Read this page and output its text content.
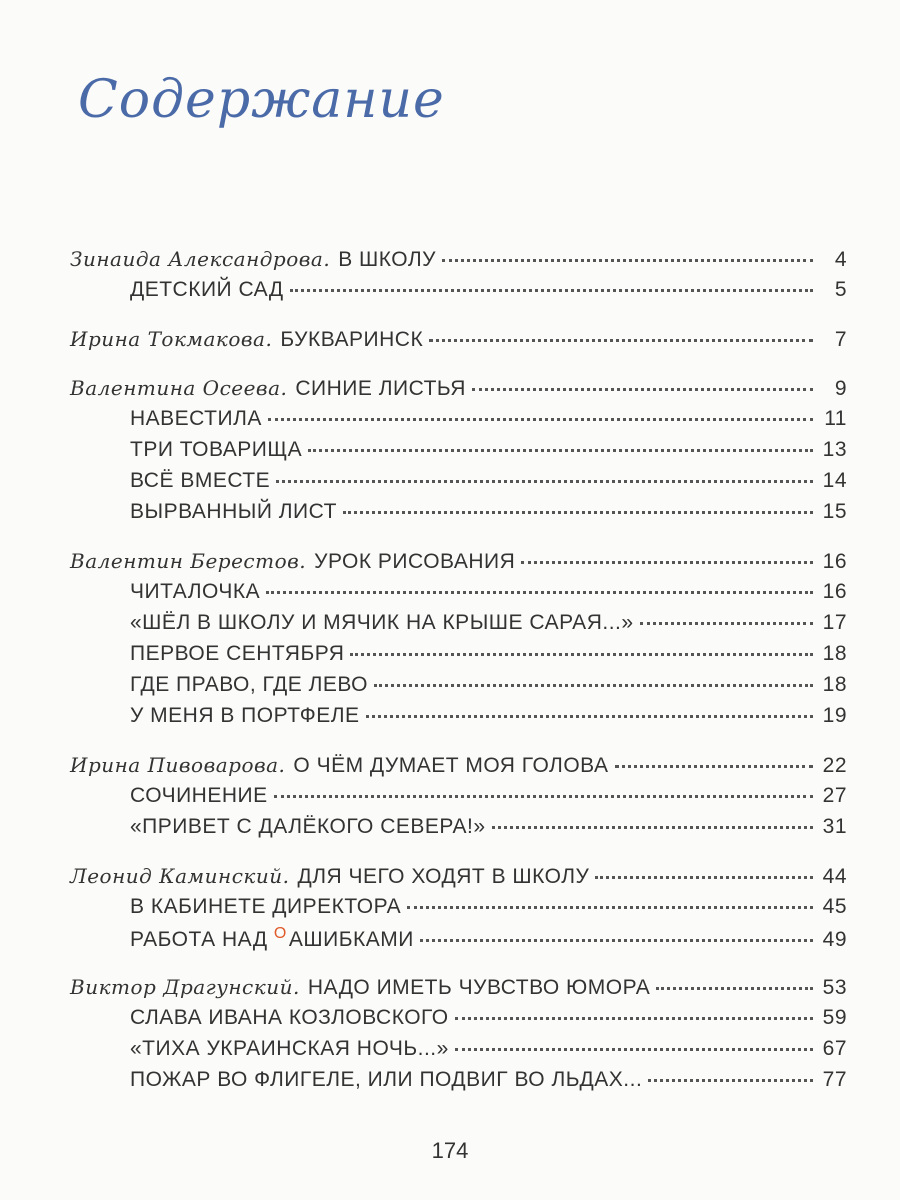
Содержание
Зинаида Александрова. В ШКОЛУ	4
ДЕТСКИЙ САД	5
Ирина Токмакова. БУКВАРИНСК	7
Валентина Осеева. СИНИЕ ЛИСТЬЯ	9
НАВЕСТИЛА	11
ТРИ ТОВАРИЩА	13
ВСЁ ВМЕСТЕ	14
ВЫРВАННЫЙ ЛИСТ	15
Валентин Берестов. УРОК РИСОВАНИЯ	16
ЧИТАЛОЧКА	16
«ШЁЛ В ШКОЛУ И МЯЧИК НА КРЫШЕ САРАЯ...»	17
ПЕРВОЕ СЕНТЯБРЯ	18
ГДЕ ПРАВО, ГДЕ ЛЕВО	18
У МЕНЯ В ПОРТФЕЛЕ	19
Ирина Пивоварова. О ЧЁМ ДУМАЕТ МОЯ ГОЛОВА	22
СОЧИНЕНИЕ	27
«ПРИВЕТ С ДАЛЁКОГО СЕВЕРА!»	31
Леонид Каминский. ДЛЯ ЧЕГО ХОДЯТ В ШКОЛУ	44
В КАБИНЕТЕ ДИРЕКТОРА	45
РАБОТА НАД ОАШИБКАМИ	49
Виктор Драгунский. НАДО ИМЕТЬ ЧУВСТВО ЮМОРА	53
СЛАВА ИВАНА КОЗЛОВСКОГО	59
«ТИХА УКРАИНСКАЯ НОЧЬ...»	67
ПОЖАР ВО ФЛИГЕЛЕ, ИЛИ ПОДВИГ ВО ЛЬДАХ...	77
174
